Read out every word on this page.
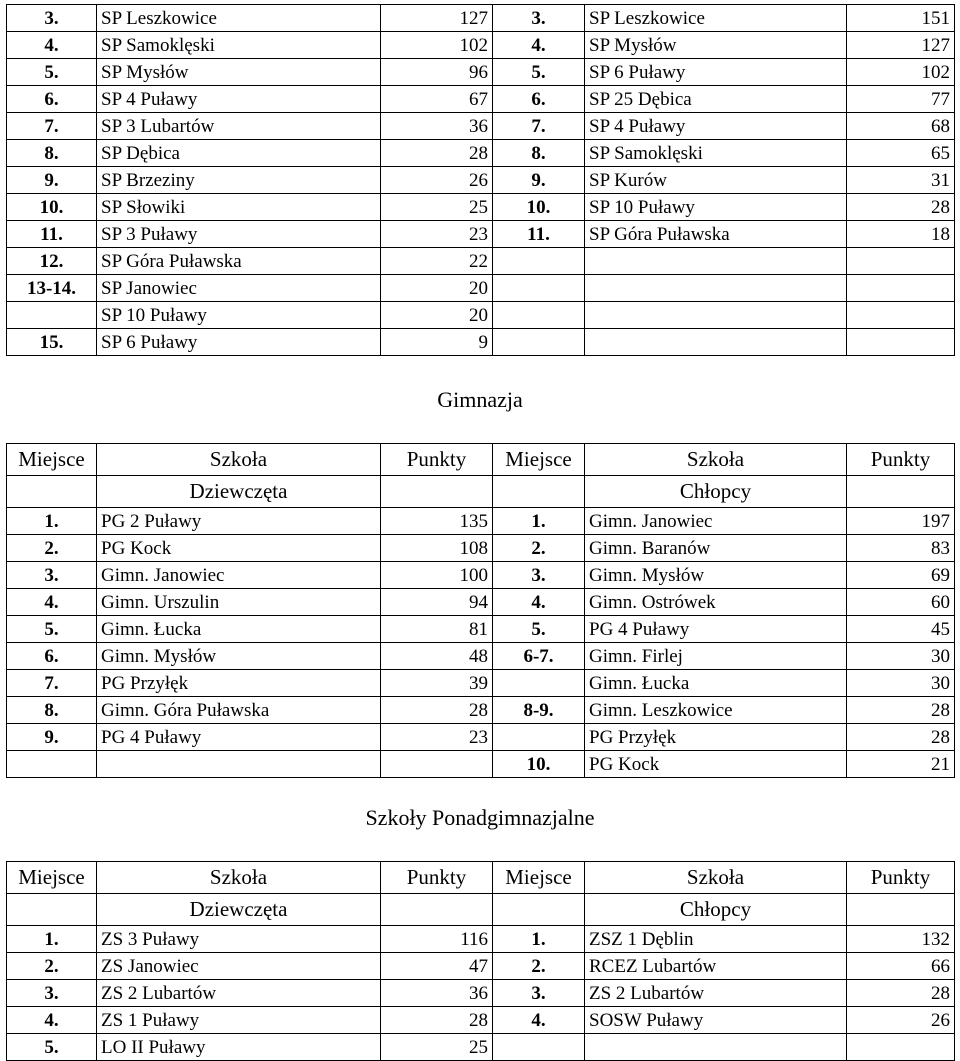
3.	SP Leszkowice	127	3.	SP Leszkowice	151
4.	SP Samoklęski	102	4.	SP Mysłów	127
5.	SP Mysłów	96	5.	SP 6 Puławy	102
6.	SP 4 Puławy	67	6.	SP 25 Dębica	77
7.	SP 3 Lubartów	36	7.	SP 4 Puławy	68
8.	SP Dębica	28	8.	SP Samoklęski	65
9.	SP Brzeziny	26	9.	SP Kurów	31
10.	SP Słowiki	25	10.	SP 10 Puławy	28
11.	SP 3 Puławy	23	11.	SP Góra Puławska	18
12.	SP Góra Puławska	22			
13-14.	SP Janowiec	20			
	SP 10 Puławy	20			
15.	SP 6 Puławy	9			
Gimnazja
Miejsce	Szkoła	Punkty	Miejsce	Szkoła	Punkty
	Dziewczęta			Chłopcy	
1.	PG 2 Puławy	135	1.	Gimn. Janowiec	197
2.	PG Kock	108	2.	Gimn. Baranów	83
3.	Gimn. Janowiec	100	3.	Gimn. Mysłów	69
4.	Gimn. Urszulin	94	4.	Gimn. Ostrówek	60
5.	Gimn. Łucka	81	5.	PG 4 Puławy	45
6.	Gimn. Mysłów	48	6-7.	Gimn. Firlej	30
7.	PG Przyłęk	39		Gimn. Łucka	30
8.	Gimn. Góra Puławska	28	8-9.	Gimn. Leszkowice	28
9.	PG 4 Puławy	23		PG Przyłęk	28
			10.	PG Kock	21
Szkoły Ponadgimnazjalne
Miejsce	Szkoła	Punkty	Miejsce	Szkoła	Punkty
	Dziewczęta			Chłopcy	
1.	ZS 3 Puławy	116	1.	ZSZ 1 Dęblin	132
2.	ZS Janowiec	47	2.	RCEZ Lubartów	66
3.	ZS 2 Lubartów	36	3.	ZS 2 Lubartów	28
4.	ZS 1 Puławy	28	4.	SOSW Puławy	26
5.	LO II Puławy	25			
